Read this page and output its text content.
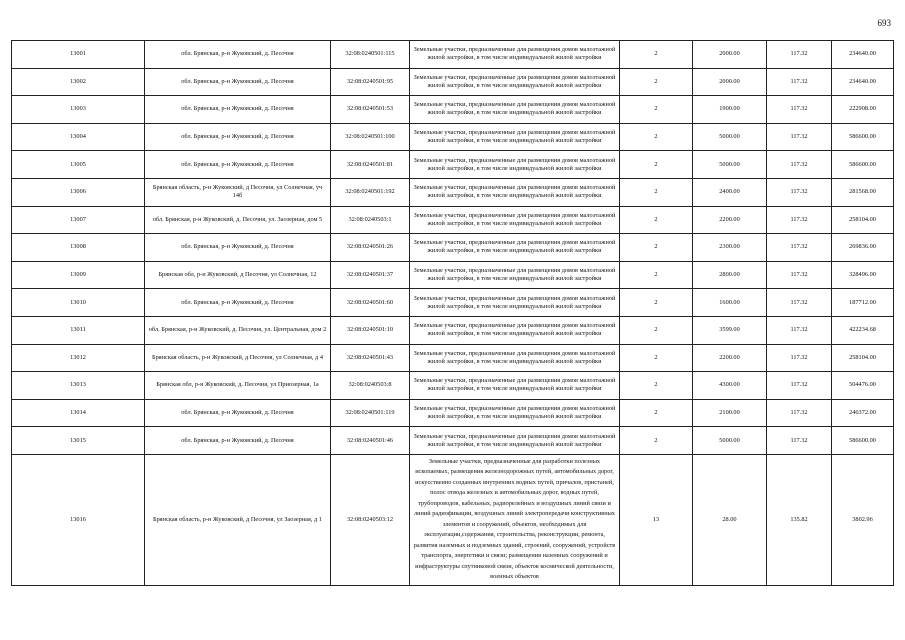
693
13001	обл. Брянская, р-н Жуковский, д. Песочня	32:08:0240501:115	Земельные участки, предназначенные для размещения домов малоэтажной жилой застройки, в том числе индивидуальной жилой застройки	2	2000.00	117.32	234640.00
13002	обл. Брянская, р-н Жуковский, д. Песочня	32:08:0240501:95	Земельные участки, предназначенные для размещения домов малоэтажной жилой застройки, в том числе индивидуальной жилой застройки	2	2000.00	117.32	234640.00
13003	обл. Брянская, р-н Жуковский, д. Песочня	32:08:0240501:53	Земельные участки, предназначенные для размещения домов малоэтажной жилой застройки, в том числе индивидуальной жилой застройки	2	1900.00	117.32	222908.00
13004	обл. Брянская, р-н Жуковский, д. Песочня	32:08:0240501:100	Земельные участки, предназначенные для размещения домов малоэтажной жилой застройки, в том числе индивидуальной жилой застройки	2	5000.00	117.32	586600.00
13005	обл. Брянская, р-н Жуковский, д. Песочня	32:08:0240501:81	Земельные участки, предназначенные для размещения домов малоэтажной жилой застройки, в том числе индивидуальной жилой застройки	2	5000.00	117.32	586600.00
13006	Брянская область, р-н Жуковский, д Песочня, ул Солнечная, уч 14б	32:08:0240501:192	Земельные участки, предназначенные для размещения домов малоэтажной жилой застройки, в том числе индивидуальной жилой застройки	2	2400.00	117.32	281568.00
13007	обл. Брянская, р-н Жуковский, д. Песочня, ул. Заозерная, дом 5	32:08:0240503:1	Земельные участки, предназначенные для размещения домов малоэтажной жилой застройки, в том числе индивидуальной жилой застройки	2	2200.00	117.32	258104.00
13008	обл. Брянская, р-н Жуковский, д. Песочня	32:08:0240501:26	Земельные участки, предназначенные для размещения домов малоэтажной жилой застройки, в том числе индивидуальной жилой застройки	2	2300.00	117.32	269836.00
13009	Брянская обл, р-н Жуковский, д Песочня, ул Солнечная, 12	32:08:0240501:37	Земельные участки, предназначенные для размещения домов малоэтажной жилой застройки, в том числе индивидуальной жилой застройки	2	2800.00	117.32	328496.00
13010	обл. Брянская, р-н Жуковский, д. Песочня	32:08:0240501:60	Земельные участки, предназначенные для размещения домов малоэтажной жилой застройки, в том числе индивидуальной жилой застройки	2	1600.00	117.32	187712.00
13011	обл. Брянская, р-н Жуковский, д. Песочня, ул. Центральная, дом 2	32:08:0240501:10	Земельные участки, предназначенные для размещения домов малоэтажной жилой застройки, в том числе индивидуальной жилой застройки	2	3599.00	117.32	422234.68
13012	Брянская область, р-н Жуковский, д Песочня, ул Солнечная, д 4	32:08:0240501:43	Земельные участки, предназначенные для размещения домов малоэтажной жилой застройки, в том числе индивидуальной жилой застройки	2	2200.00	117.32	258104.00
13013	Брянская обл, р-н Жуковский, д. Песочня, ул Приозерная, 1а	32:08:0240503:8	Земельные участки, предназначенные для размещения домов малоэтажной жилой застройки, в том числе индивидуальной жилой застройки	2	4300.00	117.32	504476.00
13014	обл. Брянская, р-н Жуковский, д. Песочня	32:08:0240501:119	Земельные участки, предназначенные для размещения домов малоэтажной жилой застройки, в том числе индивидуальной жилой застройки	2	2100.00	117.32	246372.00
13015	обл. Брянская, р-н Жуковский, д. Песочня	32:08:0240501:46	Земельные участки, предназначенные для размещения домов малоэтажной жилой застройки, в том числе индивидуальной жилой застройки	2	5000.00	117.32	586600.00
13016	Брянская область, р-н Жуковский, д Песочня, ул Заозерная, д 1	32:08:0240503:12	Земельные участки, предназначенные для разработки полезных ископаемых, размещения железнодорожных путей, автомобильных дорог, искусственно созданных внутренних водных путей, причалов, пристаней, полос отвода железных и автомобильных дорог, водных путей, трубопроводов, кабельных, радиорелейных и воздушных линий связи и линий радиофикации, воздушных линий электропередачи конструктивных элементов и сооружений, объектов, необходимых для эксплуатации,содержания, строительства, реконструкции, ремонта, развития наземных и подземных зданий, строений, сооружений, устройств транспорта, энергетики и связи; размещения наземных сооружений и инфраструктуры спутниковой связи, объектов космической деятельности, военных объектов	13	28.00	135.82	3802.96
